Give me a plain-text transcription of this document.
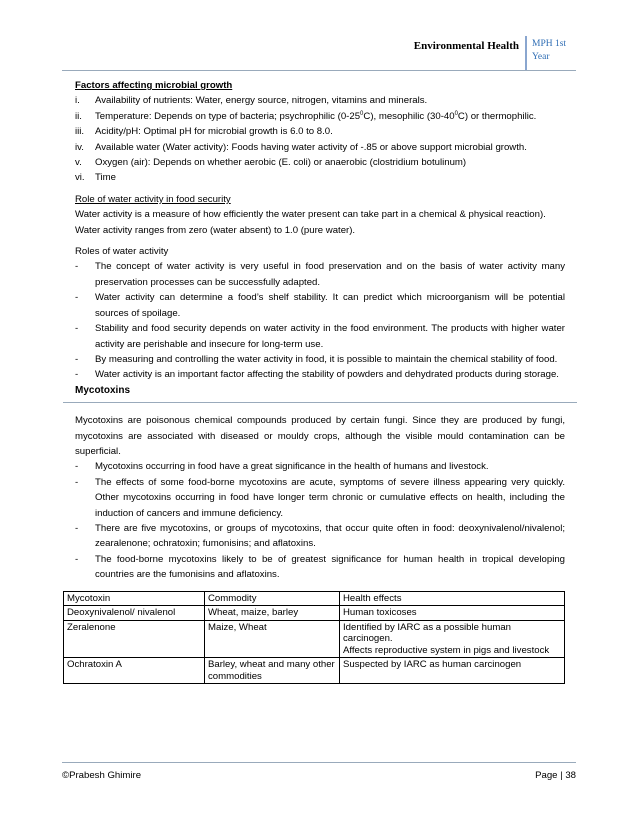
Environmental Health	MPH 1st Year

Factors affecting microbial growth

i.	Availability of nutrients: Water, energy source, nitrogen, vitamins and minerals.
ii.	Temperature: Depends on type of bacteria; psychrophilic $(0-25^0C)$, mesophilic $(30-40^0C)$ or thermophilic.
iii.	Acidity/pH: Optimal pH for microbial growth is 6.0 to 8.0.
iv.	Available water (Water activity): Foods having water activity of -.85 or above support microbial growth.
v.	Oxygen (air): Depends on whether aerobic (E. coli) or anaerobic (clostridium botulinum)
vi.	Time

Role of water activity in food security

Water activity is a measure of how efficiently the water present can take part in a chemical & physical reaction).

Water activity ranges from zero (water absent) to 1.0 (pure water).

Roles of water activity

-	The concept of water activity is very useful in food preservation and on the basis of water activity many preservation processes can be successfully adapted.
-	Water activity can determine a food’s shelf stability. It can predict which microorganism will be potential sources of spoilage.
-	Stability and food security depends on water activity in the food environment. The products with higher water activity are perishable and insecure for long-term use.
-	By measuring and controlling the water activity in food, it is possible to maintain the chemical stability of food.
-	Water activity is an important factor affecting the stability of powders and dehydrated products during storage.

Mycotoxins

Mycotoxins are poisonous chemical compounds produced by certain fungi. Since they are produced by fungi, mycotoxins are associated with diseased or mouldy crops, although the visible mould contamination can be superficial.

-	Mycotoxins occurring in food have a great significance in the health of humans and livestock.
-	The effects of some food-borne mycotoxins are acute, symptoms of severe illness appearing very quickly. Other mycotoxins occurring in food have longer term chronic or cumulative effects on health, including the induction of cancers and immune deficiency.
-	There are five mycotoxins, or groups of mycotoxins, that occur quite often in food: deoxynivalenol/nivalenol; zearalenone; ochratoxin; fumonisins; and aflatoxins.
-	The food-borne mycotoxins likely to be of greatest significance for human health in tropical developing countries are the fumonisins and aflatoxins.
Mycotoxin	Commodity	Health effects
Deoxynivalenol/ nivalenol	Wheat, maize, barley	Human toxicoses
Zeralenone	Maize, Wheat	Identified by IARC as a possible human carcinogen.
Affects reproductive system in pigs and livestock
Ochratoxin A	Barley, wheat and many other commodities	Suspected by IARC as human carcinogen
©Prabesh Ghimire	Page | 38
